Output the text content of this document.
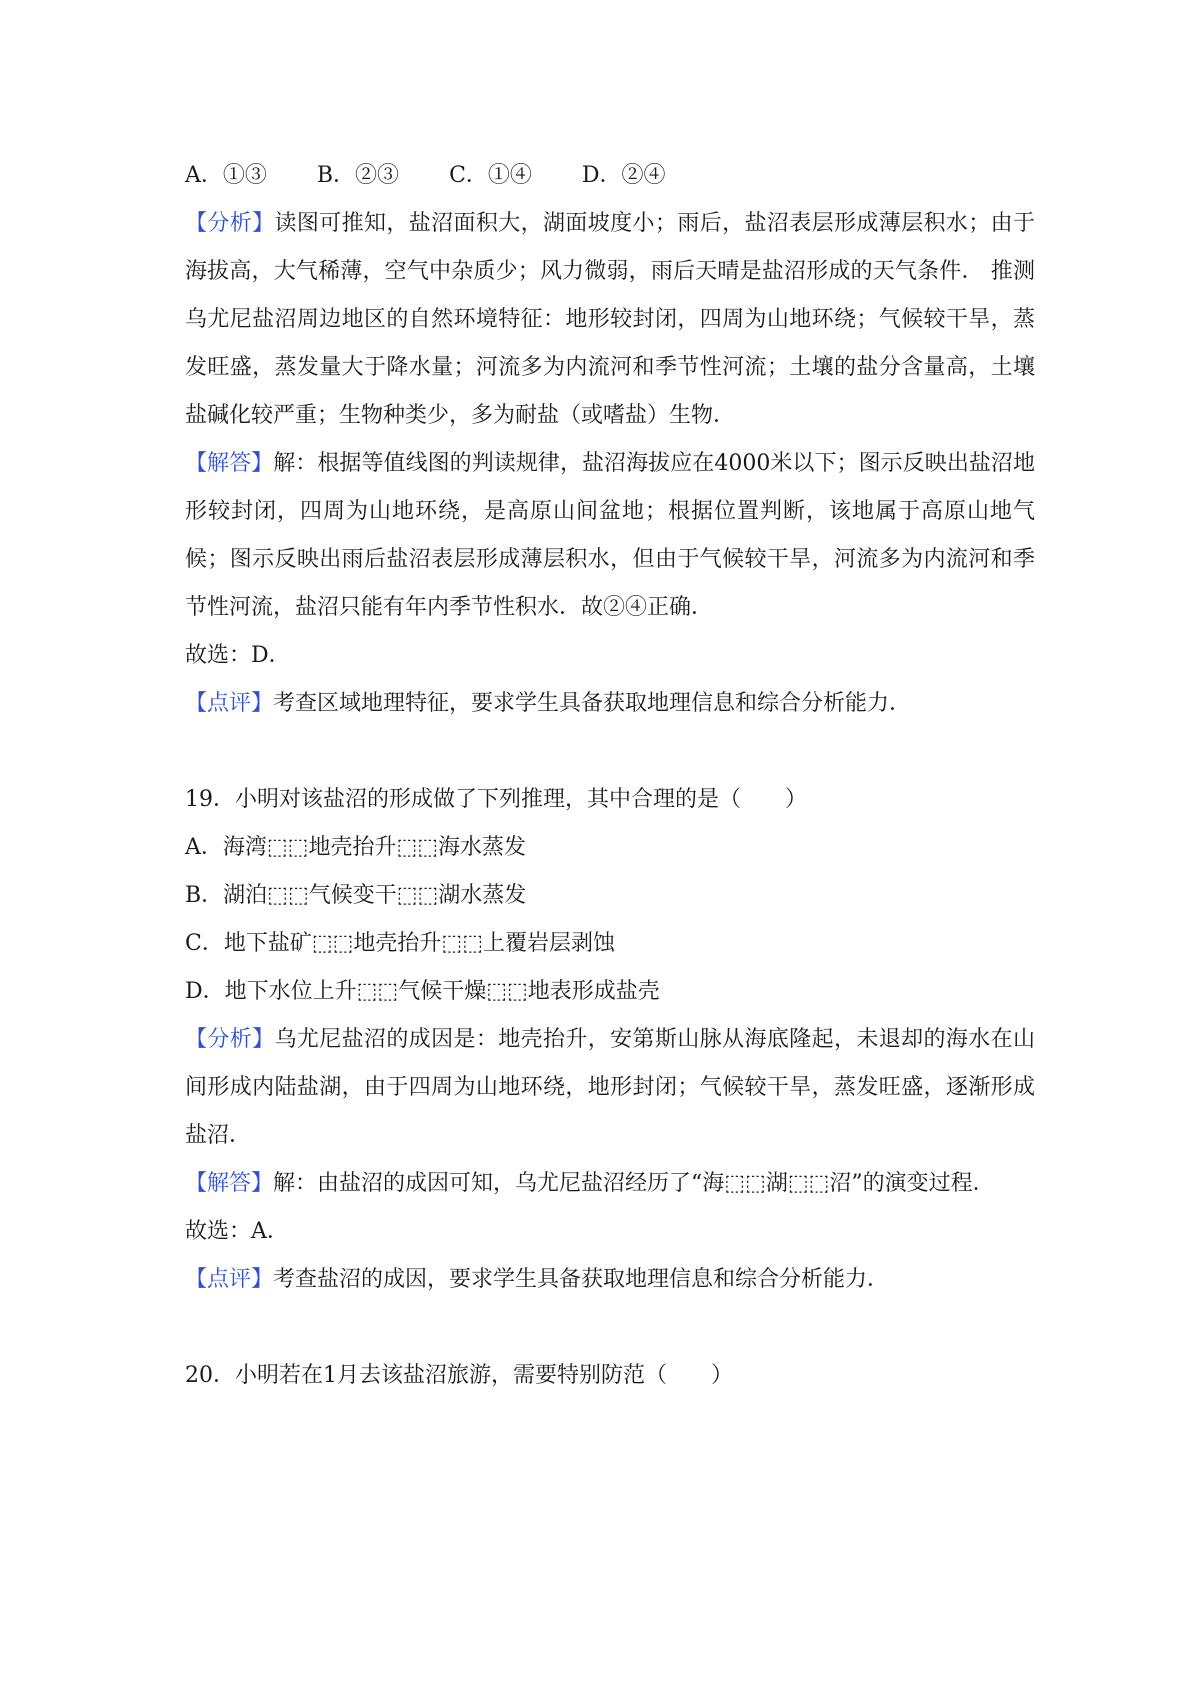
A．①③ B．②③ C．①④ D．②④
【分析】读图可推知，盐沼面积大，湖面坡度小；雨后，盐沼表层形成薄层积水；由于海拔高，大气稀薄，空气中杂质少；风力微弱，雨后天晴是盐沼形成的天气条件． 推测乌尤尼盐沼周边地区的自然环境特征：地形较封闭，四周为山地环绕；气候较干旱，蒸发旺盛，蒸发量大于降水量；河流多为内流河和季节性河流；土壤的盐分含量高，土壤盐碱化较严重；生物种类少，多为耐盐（或嗜盐）生物．
【解答】解：根据等值线图的判读规律，盐沼海拔应在4000米以下；图示反映出盐沼地形较封闭，四周为山地环绕，是高原山间盆地；根据位置判断，该地属于高原山地气候；图示反映出雨后盐沼表层形成薄层积水，但由于气候较干旱，河流多为内流河和季节性河流，盐沼只能有年内季节性积水．故②④正确．
故选：D．
【点评】考查区域地理特征，要求学生具备获取地理信息和综合分析能力．
19．小明对该盐沼的形成做了下列推理，其中合理的是（　　）
A．海湾⬚⬚地壳抬升⬚⬚海水蒸发
B．湖泊⬚⬚气候变干⬚⬚湖水蒸发
C．地下盐矿⬚⬚地壳抬升⬚⬚上覆岩层剥蚀
D．地下水位上升⬚⬚气候干燥⬚⬚地表形成盐壳
【分析】乌尤尼盐沼的成因是：地壳抬升，安第斯山脉从海底隆起，未退却的海水在山间形成内陆盐湖，由于四周为山地环绕，地形封闭；气候较干旱，蒸发旺盛，逐渐形成盐沼．
【解答】解：由盐沼的成因可知，乌尤尼盐沼经历了“海⬚⬚湖⬚⬚沼”的演变过程．
故选：A．
【点评】考查盐沼的成因，要求学生具备获取地理信息和综合分析能力．
20．小明若在1月去该盐沼旅游，需要特别防范（　　）
